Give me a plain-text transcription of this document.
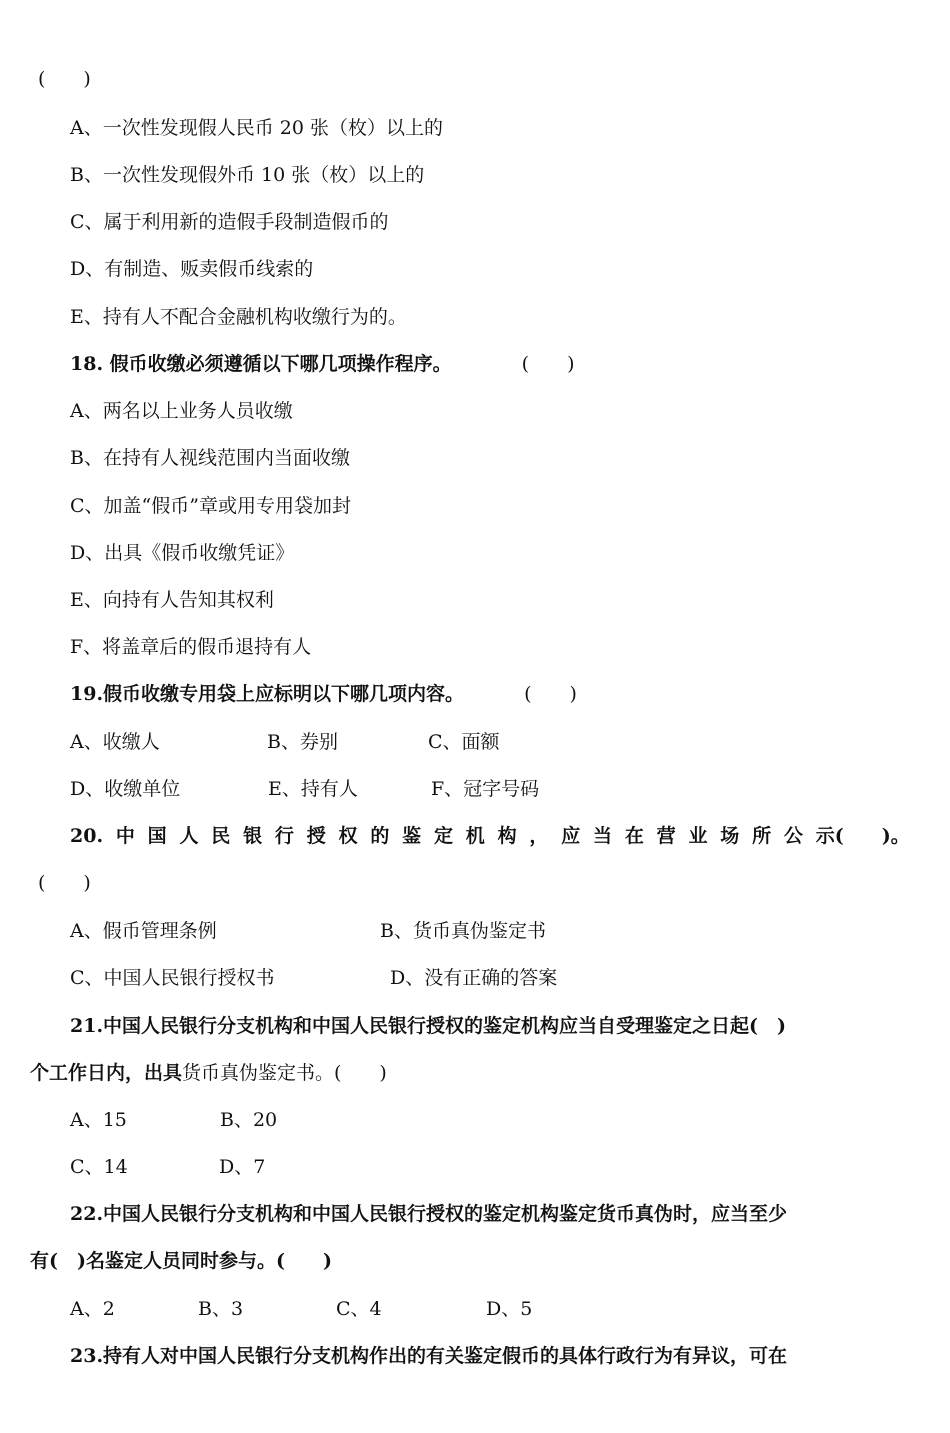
(　　)
A、一次性发现假人民币 20 张（枚）以上的
B、一次性发现假外币 10 张（枚）以上的
C、属于利用新的造假手段制造假币的
D、有制造、贩卖假币线索的
E、持有人不配合金融机构收缴行为的。
18. 假币收缴必须遵循以下哪几项操作程序。	(　　)
A、两名以上业务人员收缴
B、在持有人视线范围内当面收缴
C、加盖“假币”章或用专用袋加封
D、出具《假币收缴凭证》
E、向持有人告知其权利
F、将盖章后的假币退持有人
19.假币收缴专用袋上应标明以下哪几项内容。	(　　)
A、收缴人	B、券别	C、面额
D、收缴单位	E、持有人	F、冠字号码
20. 中 国 人 民 银 行 授 权 的 鉴 定 机 构 ， 应 当 在 营 业 场 所 公 示(　　)。
(　　)
A、假币管理条例	B、货币真伪鉴定书
C、中国人民银行授权书	D、没有正确的答案
21.中国人民银行分支机构和中国人民银行授权的鉴定机构应当自受理鉴定之日起(　)
个工作日内，出具货币真伪鉴定书。(　　)
A、15	B、20
C、14	D、7
22.中国人民银行分支机构和中国人民银行授权的鉴定机构鉴定货币真伪时，应当至少
有(　)名鉴定人员同时参与。(　　)
A、2	B、3	C、4	D、5
23.持有人对中国人民银行分支机构作出的有关鉴定假币的具体行政行为有异议，可在
